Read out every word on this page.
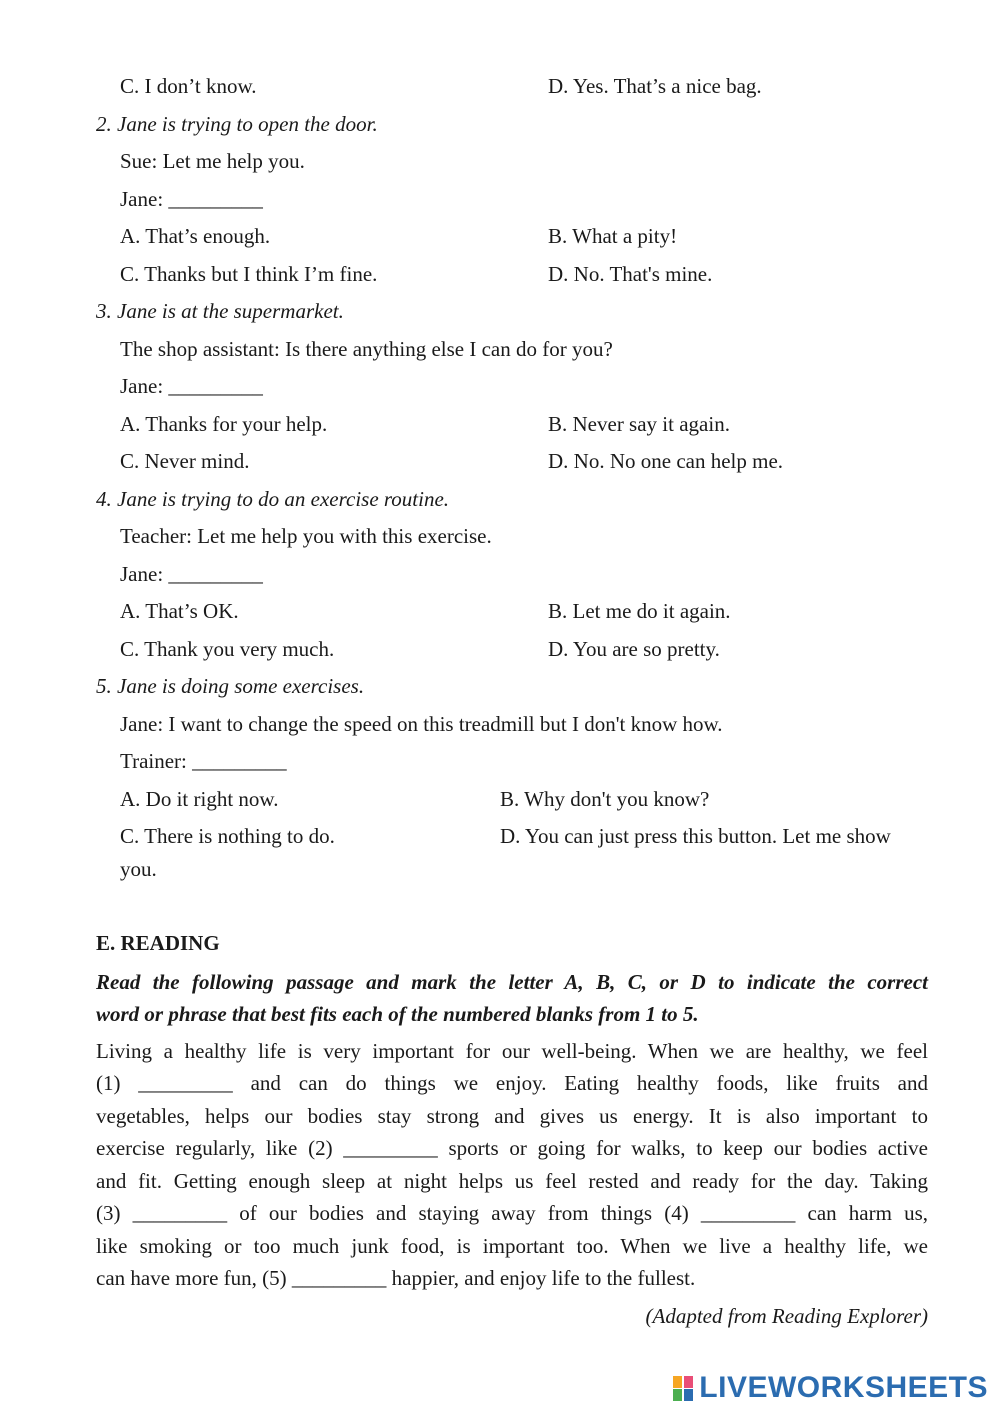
C. I don’t know.	D. Yes. That’s a nice bag.
2. Jane is trying to open the door.
Sue: Let me help you.
Jane: _________
A. That’s enough.	B. What a pity!
C. Thanks but I think I’m fine.	D. No. That's mine.
3. Jane is at the supermarket.
The shop assistant: Is there anything else I can do for you?
Jane: _________
A. Thanks for your help.	B. Never say it again.
C. Never mind.	D. No. No one can help me.
4. Jane is trying to do an exercise routine.
Teacher: Let me help you with this exercise.
Jane: _________
A. That’s OK.	B. Let me do it again.
C. Thank you very much.	D. You are so pretty.
5. Jane is doing some exercises.
Jane: I want to change the speed on this treadmill but I don't know how.
Trainer: _________
A. Do it right now.	B. Why don't you know?
C. There is nothing to do.	D. You can just press this button. Let me show
you.
E. READING
Read the following passage and mark the letter A, B, C, or D to indicate the correct
word or phrase that best fits each of the numbered blanks from 1 to 5.
Living a healthy life is very important for our well-being. When we are healthy, we feel
(1) _________ and can do things we enjoy. Eating healthy foods, like fruits and
vegetables, helps our bodies stay strong and gives us energy. It is also important to
exercise regularly, like (2) _________ sports or going for walks, to keep our bodies active
and fit. Getting enough sleep at night helps us feel rested and ready for the day. Taking
(3) _________ of our bodies and staying away from things (4) _________ can harm us,
like smoking or too much junk food, is important too. When we live a healthy life, we
can have more fun, (5) _________ happier, and enjoy life to the fullest.
(Adapted from Reading Explorer)
LIVEWORKSHEETS
